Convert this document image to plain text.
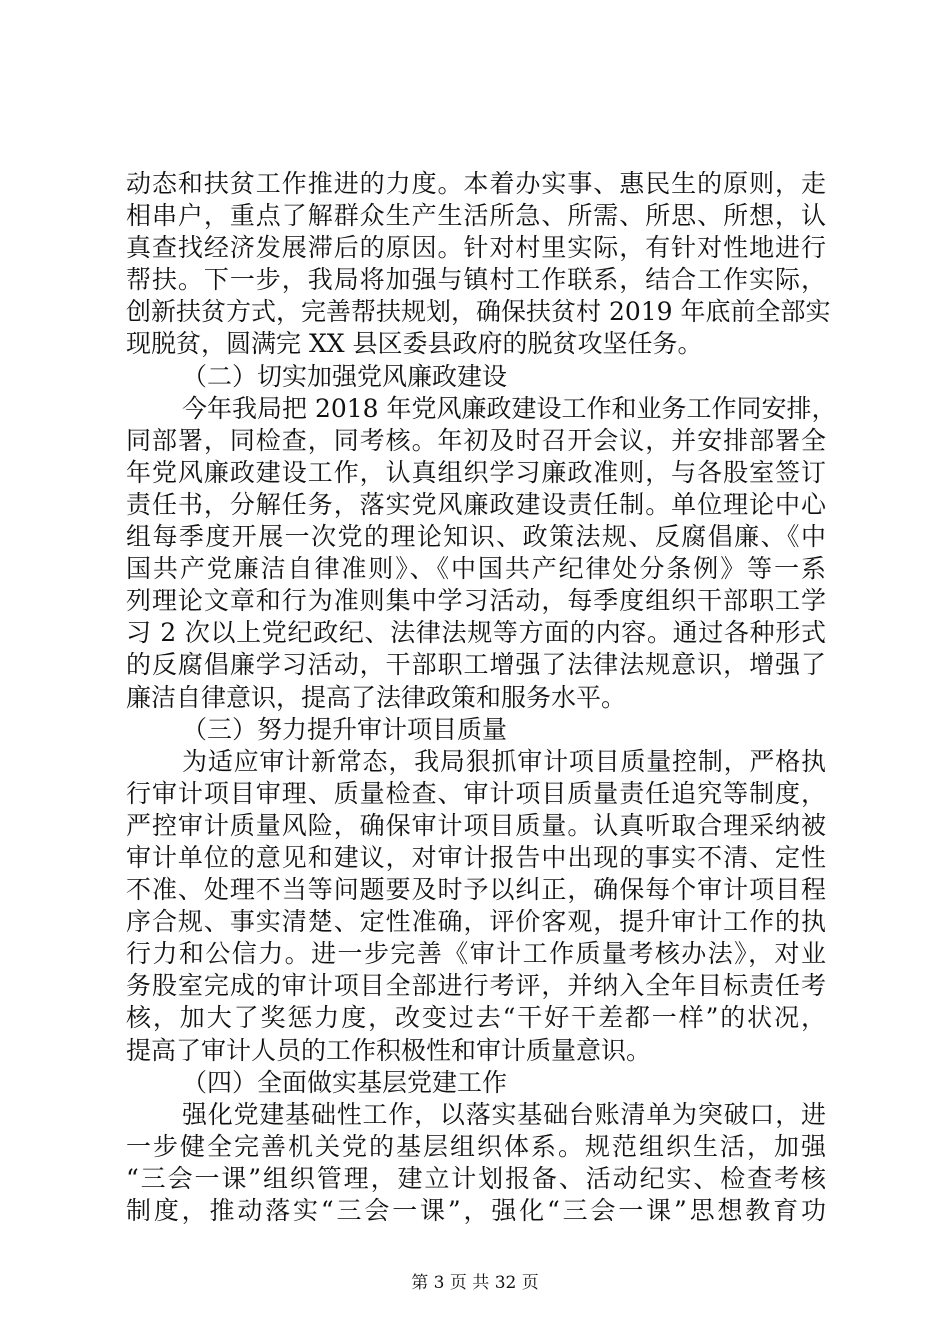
动态和扶贫工作推进的力度。本着办实事、惠民生的原则，走
相串户，重点了解群众生产生活所急、所需、所思、所想，认
真查找经济发展滞后的原因。针对村里实际，有针对性地进行
帮扶。下一步，我局将加强与镇村工作联系，结合工作实际，
创新扶贫方式，完善帮扶规划，确保扶贫村 2019 年底前全部实
现脱贫，圆满完 XX 县区委县政府的脱贫攻坚任务。
（二）切实加强党风廉政建设
今年我局把 2018 年党风廉政建设工作和业务工作同安排，
同部署，同检查，同考核。年初及时召开会议，并安排部署全
年党风廉政建设工作，认真组织学习廉政准则，与各股室签订
责任书，分解任务，落实党风廉政建设责任制。单位理论中心
组每季度开展一次党的理论知识、政策法规、反腐倡廉、《中
国共产党廉洁自律准则》、《中国共产纪律处分条例》等一系
列理论文章和行为准则集中学习活动，每季度组织干部职工学
习 2 次以上党纪政纪、法律法规等方面的内容。通过各种形式
的反腐倡廉学习活动，干部职工增强了法律法规意识，增强了
廉洁自律意识，提高了法律政策和服务水平。
（三）努力提升审计项目质量
为适应审计新常态，我局狠抓审计项目质量控制，严格执
行审计项目审理、质量检查、审计项目质量责任追究等制度，
严控审计质量风险，确保审计项目质量。认真听取合理采纳被
审计单位的意见和建议，对审计报告中出现的事实不清、定性
不准、处理不当等问题要及时予以纠正，确保每个审计项目程
序合规、事实清楚、定性准确，评价客观，提升审计工作的执
行力和公信力。进一步完善《审计工作质量考核办法》，对业
务股室完成的审计项目全部进行考评，并纳入全年目标责任考
核，加大了奖惩力度，改变过去“干好干差都一样”的状况，
提高了审计人员的工作积极性和审计质量意识。
（四）全面做实基层党建工作
强化党建基础性工作，以落实基础台账清单为突破口，进
一步健全完善机关党的基层组织体系。规范组织生活，加强
“三会一课”组织管理，建立计划报备、活动纪实、检查考核
制度，推动落实“三会一课”，强化“三会一课”思想教育功
第 3 页 共 32 页
